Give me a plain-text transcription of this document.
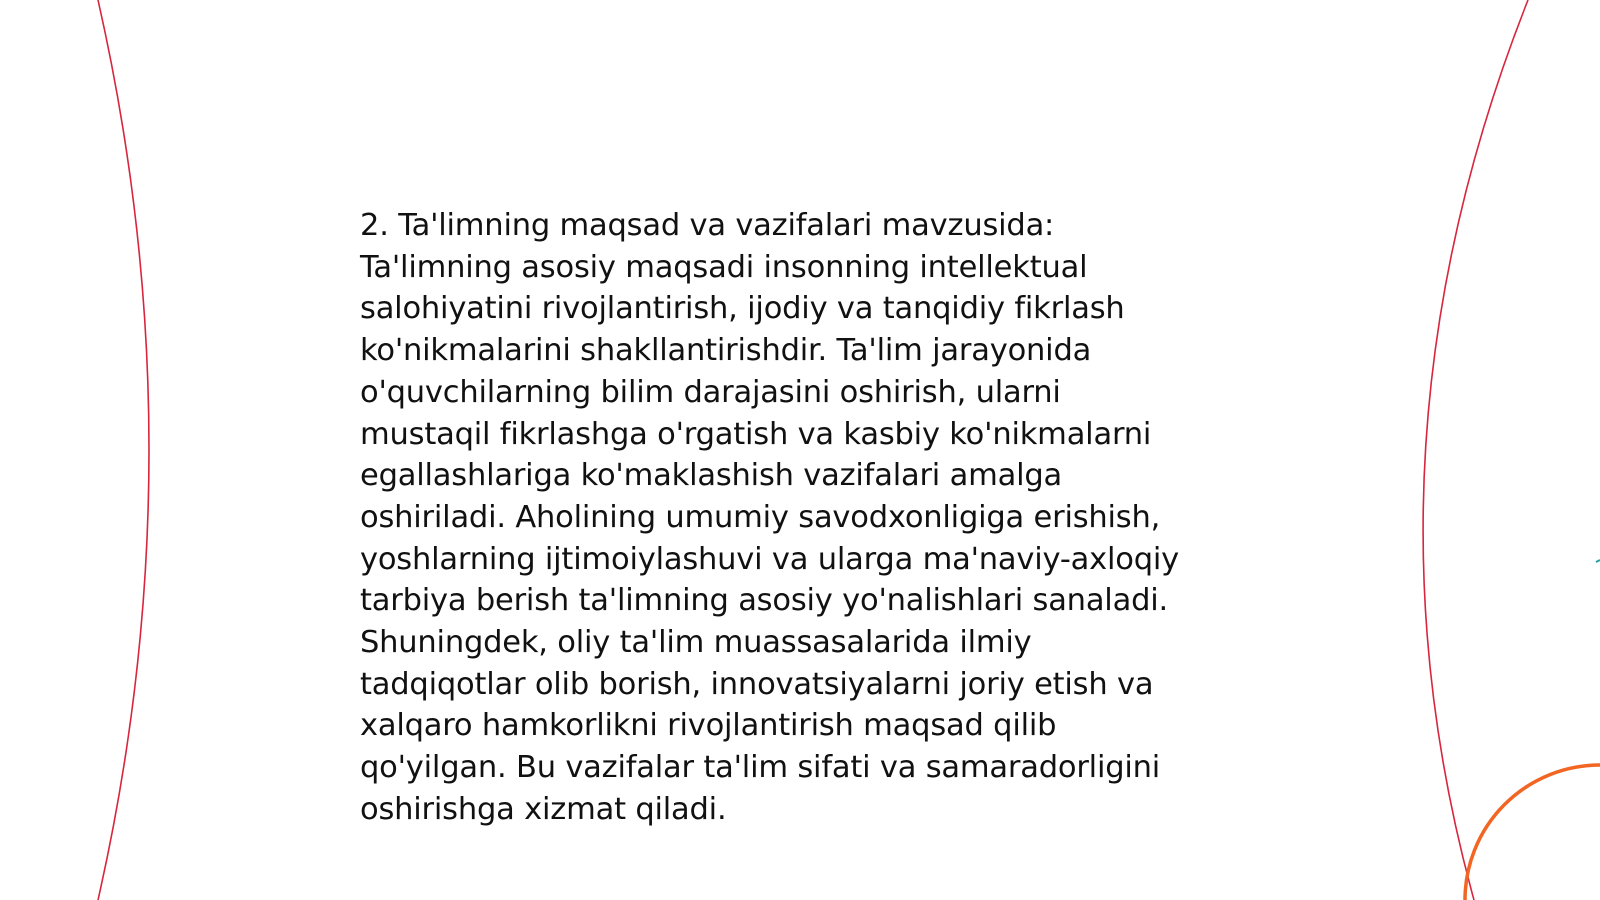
2. Ta'limning maqsad va vazifalari mavzusida:
Ta'limning asosiy maqsadi insonning intellektual
salohiyatini rivojlantirish, ijodiy va tanqidiy fikrlash
ko'nikmalarini shakllantirishdir. Ta'lim jarayonida
o'quvchilarning bilim darajasini oshirish, ularni
mustaqil fikrlashga o'rgatish va kasbiy ko'nikmalarni
egallashlariga ko'maklashish vazifalari amalga
oshiriladi. Aholining umumiy savodxonligiga erishish,
yoshlarning ijtimoiylashuvi va ularga ma'naviy-axloqiy
tarbiya berish ta'limning asosiy yo'nalishlari sanaladi.
Shuningdek, oliy ta'lim muassasalarida ilmiy
tadqiqotlar olib borish, innovatsiyalarni joriy etish va
xalqaro hamkorlikni rivojlantirish maqsad qilib
qo'yilgan. Bu vazifalar ta'lim sifati va samaradorligini
oshirishga xizmat qiladi.
